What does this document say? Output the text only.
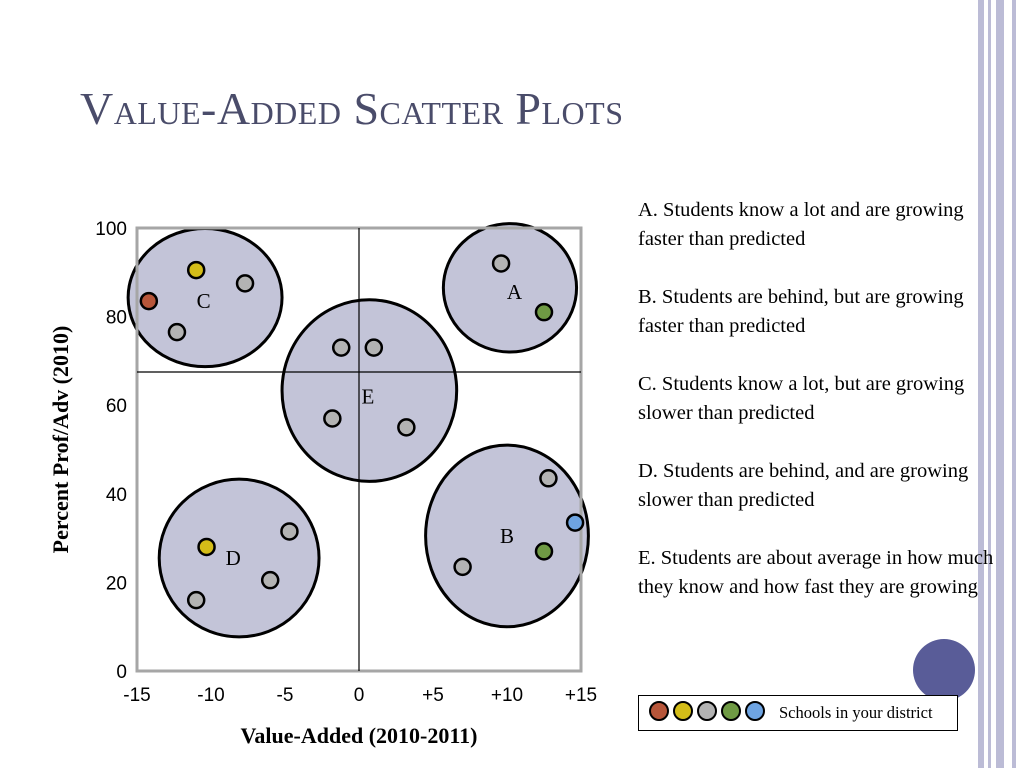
Value-Added Scatter Plots
A
B
C
D
E
-15 -10	-5	0	+5 +10 +15
0
20
40
60
80
100
Value-Added (2010-2011)
Percent Prof/Adv (2010)

A. Students know a lot and are growing faster than predicted

B. Students are behind, but are growing faster than predicted

C. Students know a lot, but are growing slower than predicted

D. Students are behind, and are growing slower than predicted

E. Students are about average in how much they know and how fast they are growing

Schools in your district
